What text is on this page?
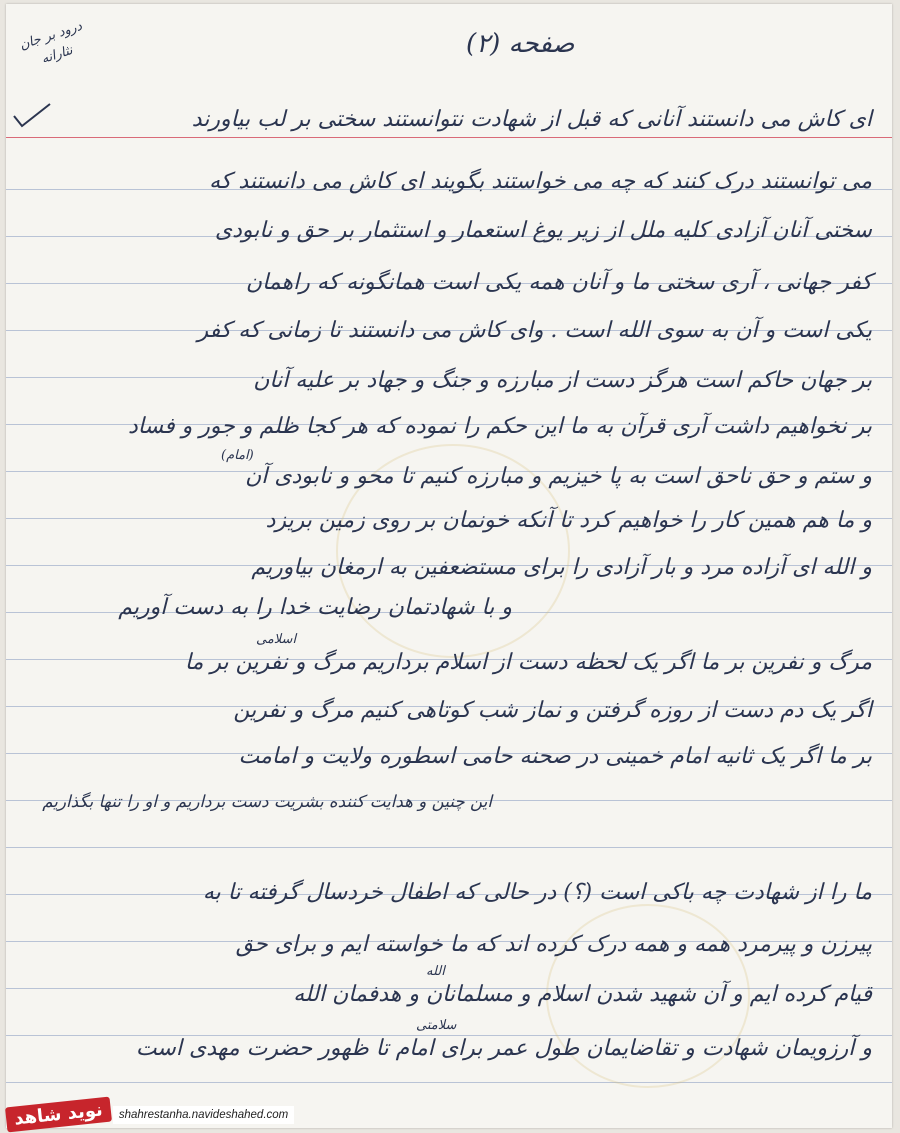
درود بر جان نثارانه	صفحه (۲)
ای کاش می دانستند آنانی که قبل از شهادت نتوانستند سختی بر لب بیاورند
می توانستند درک کنند که چه می خواستند بگویند ای کاش می دانستند که
سختی آنان آزادی کلیه ملل از زیر یوغ استعمار و استثمار بر حق و نابودی
کفر جهانی ، آری سختی ما و آنان همه یکی است همانگونه که راهمان
یکی است و آن به سوی الله است . وای کاش می دانستند تا زمانی که کفر
بر جهان حاکم است هرگز دست از مبارزه و جنگ و جهاد بر علیه آنان
بر نخواهیم داشت آری قرآن به ما این حکم را نموده که هر کجا ظلم و جور و فساد
و ستم و حق ناحق است به پا خیزیم و مبارزه کنیم تا محو و نابودی آن
و ما هم همین کار را خواهیم کرد تا آنکه خونمان بر روی زمین بریزد
و الله ای آزاده مرد و بار آزادی را برای مستضعفین به ارمغان بیاوریم
و با شهادتمان رضایت خدا را به دست آوریم
مرگ و نفرین بر ما اگر یک لحظه دست از اسلام برداریم مرگ و نفرین بر ما
اگر یک دم دست از روزه گرفتن و نماز شب کوتاهی کنیم مرگ و نفرین
بر ما اگر یک ثانیه امام خمینی در صحنه حامی اسطوره ولایت و امامت
این چنین و هدایت کننده بشریت دست برداریم و او را تنها بگذاریم
ما را از شهادت چه باکی است (؟) در حالی که اطفال خردسال گرفته تا به
پیرزن و پیرمرد همه و همه درک کرده اند که ما خواسته ایم و برای حق
قیام کرده ایم و آن شهید شدن اسلام و مسلمانان و هدفمان الله
و آرزویمان شهادت و تقاضایمان طول عمر برای امام تا ظهور حضرت مهدی است
(امام)
اسلامی
الله
سلامتی
نوید شاهد	shahrestanha.navideshahed.com
